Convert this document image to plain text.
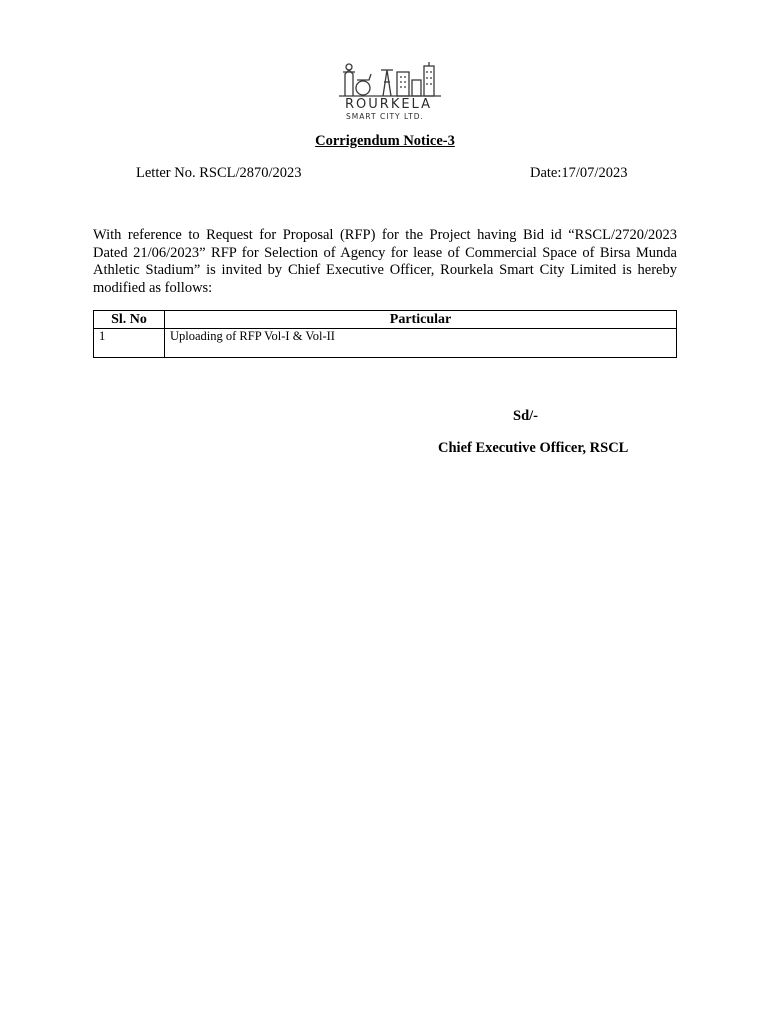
ROURKELA
SMART CITY LTD.
Corrigendum Notice-3
Letter No. RSCL/2870/2023	Date:17/07/2023
With reference to Request for Proposal (RFP) for the Project having Bid id “RSCL/2720/2023 Dated 21/06/2023” RFP for Selection of Agency for lease of Commercial Space of Birsa Munda Athletic Stadium” is invited by Chief Executive Officer, Rourkela Smart City Limited is hereby modified as follows:
Sl. No	Particular
1	Uploading of RFP Vol-I & Vol-II
Sd/-
Chief Executive Officer, RSCL
